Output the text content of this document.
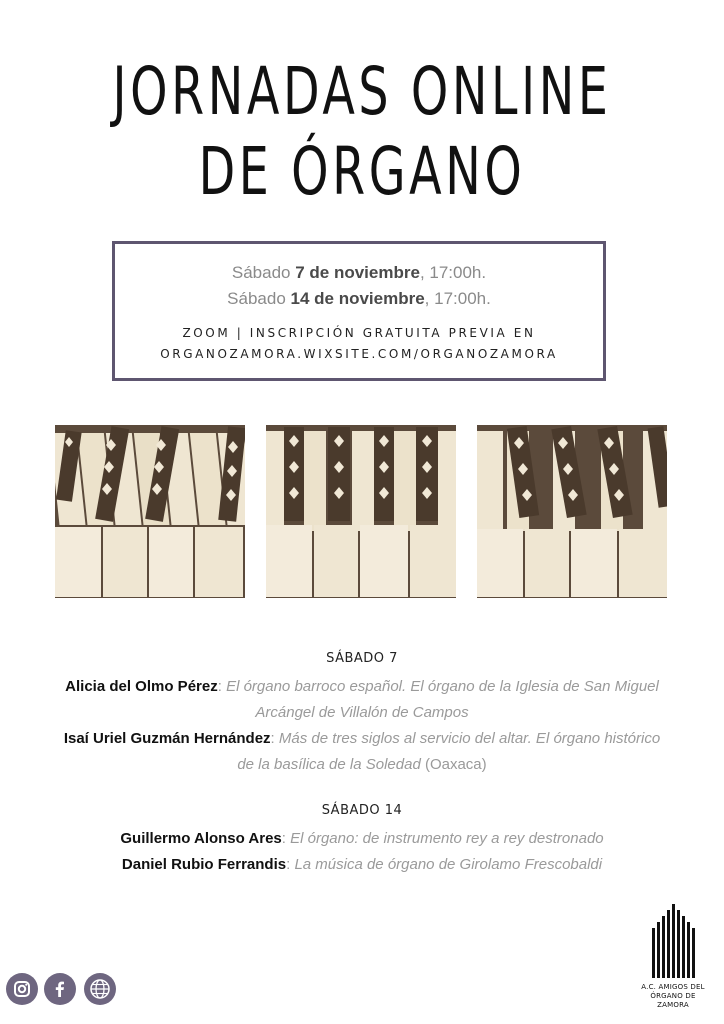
JORNADAS ONLINE
DE ÓRGANO
Sábado 7 de noviembre, 17:00h.
Sábado 14 de noviembre, 17:00h.
ZOOM | INSCRIPCIÓN GRATUITA PREVIA EN
ORGANOZAMORA.WIXSITE.COM/ORGANOZAMORA
SÁBADO 7
Alicia del Olmo Pérez: El órgano barroco español. El órgano de la Iglesia de San Miguel
Arcángel de Villalón de Campos
Isaí Uriel Guzmán Hernández: Más de tres siglos al servicio del altar. El órgano histórico
de la basílica de la Soledad (Oaxaca)
SÁBADO 14
Guillermo Alonso Ares: El órgano: de instrumento rey a rey destronado
Daniel Rubio Ferrandis: La música de órgano de Girolamo Frescobaldi
A.C. AMIGOS DEL
ÓRGANO DE ZAMORA
